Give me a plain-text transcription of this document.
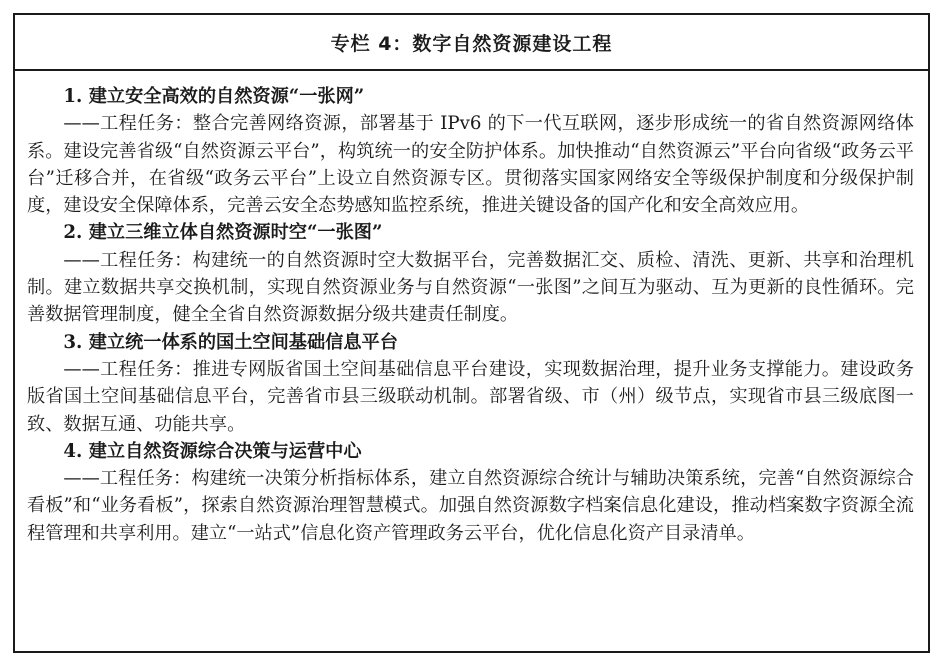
专栏 4：数字自然资源建设工程

1. 建立安全高效的自然资源“一张网”

——工程任务：整合完善网络资源，部署基于 IPv6 的下一代互联网，逐步形成统一的省自然资源网络体系。建设完善省级“自然资源云平台”，构筑统一的安全防护体系。加快推动“自然资源云”平台向省级“政务云平台”迁移合并，在省级“政务云平台”上设立自然资源专区。贯彻落实国家网络安全等级保护制度和分级保护制度，建设安全保障体系，完善云安全态势感知监控系统，推进关键设备的国产化和安全高效应用。

2. 建立三维立体自然资源时空“一张图”

——工程任务：构建统一的自然资源时空大数据平台，完善数据汇交、质检、清洗、更新、共享和治理机制。建立数据共享交换机制，实现自然资源业务与自然资源“一张图”之间互为驱动、互为更新的良性循环。完善数据管理制度，健全全省自然资源数据分级共建责任制度。

3. 建立统一体系的国土空间基础信息平台

——工程任务：推进专网版省国土空间基础信息平台建设，实现数据治理，提升业务支撑能力。建设政务版省国土空间基础信息平台，完善省市县三级联动机制。部署省级、市（州）级节点，实现省市县三级底图一致、数据互通、功能共享。

4. 建立自然资源综合决策与运营中心

——工程任务：构建统一决策分析指标体系，建立自然资源综合统计与辅助决策系统，完善“自然资源综合看板”和“业务看板”，探索自然资源治理智慧模式。加强自然资源数字档案信息化建设，推动档案数字资源全流程管理和共享利用。建立“一站式”信息化资产管理政务云平台，优化信息化资产目录清单。
